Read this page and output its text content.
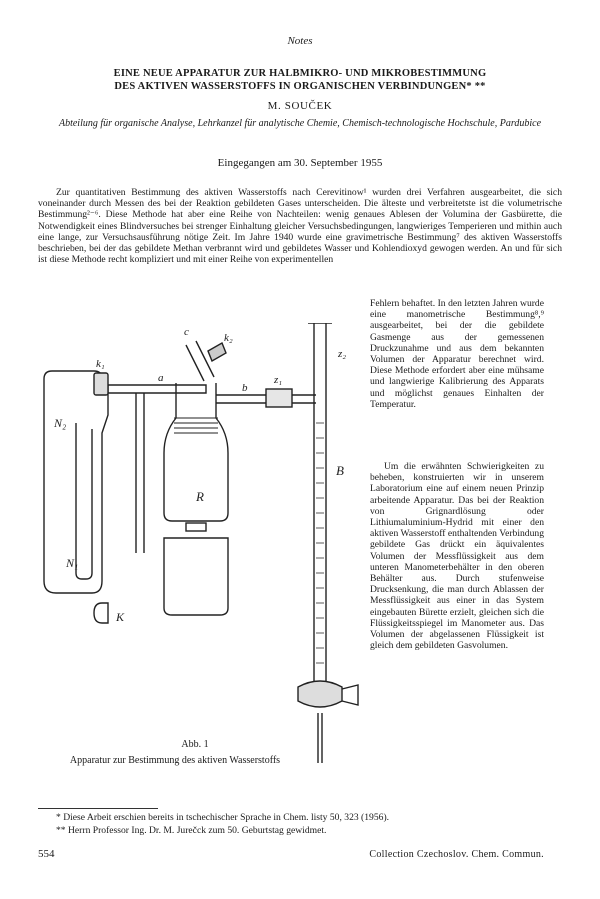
Notes
EINE NEUE APPARATUR ZUR HALBMIKRO- UND MIKROBESTIMMUNG
DES AKTIVEN WASSERSTOFFS IN ORGANISCHEN VERBINDUNGEN* **
M. SOUČEK
Abteilung für organische Analyse, Lehrkanzel für analytische Chemie, Chemisch-technologische Hochschule, Pardubice
Eingegangen am 30. September 1955
Zur quantitativen Bestimmung des aktiven Wasserstoffs nach Cerevitinow¹ wurden drei Verfahren ausgearbeitet, die sich voneinander durch Messen des bei der Reaktion gebildeten Gases unterscheiden. Die älteste und verbreitetste ist die volumetrische Bestimmung²⁻⁶. Diese Methode hat aber eine Reihe von Nachteilen: wenig genaues Ablesen der Volumina der Gasbürette, die Notwendigkeit eines Blindversuches bei strenger Einhaltung gleicher Versuchsbedingungen, langwieriges Temperieren und mithin auch eine lange, zur Versuchsausführung nötige Zeit. Im Jahre 1940 wurde eine gravimetrische Bestimmung⁷ des aktiven Wasserstoffs beschrieben, bei der das gebildete Methan verbrannt wird und gebildetes Wasser und Kohlendioxyd gewogen werden. An und für sich ist diese Methode recht kompliziert und mit einer Reihe von experimentellen
Fehlern behaftet. In den letzten Jahren wurde eine manometrische Bestimmung⁸,⁹ ausgearbeitet, bei der die gebildete Gasmenge aus der gemessenen Druckzunahme und aus dem bekannten Volumen der Apparatur berechnet wird. Diese Methode erfordert aber eine mühsame und langwierige Kalibrierung des Apparats und möglichst genaues Einhalten der Temperatur.
Um die erwähnten Schwierigkeiten zu beheben, konstruierten wir in unserem Laboratorium eine auf einem neuen Prinzip arbeitende Apparatur. Das bei der Reaktion von Grignardlösung oder Lithiumaluminium-Hydrid mit einer den aktiven Wasserstoff enthaltenden Verbindung gebildete Gas drückt ein äquivalentes Volumen der Messflüssigkeit aus dem unteren Manometerbehälter in den oberen Behälter aus. Durch stufenweise Drucksenkung, die man durch Ablassen der Messflüssigkeit aus einer in das System eingebauten Bürette erzielt, gleichen sich die Flüssigkeitsspiegel im Manometer aus. Das Volumen der abgelassenen Flüssigkeit ist gleich dem gebildeten Gasvolumen.
k₁
k₂
c
a
b
z₁
z₂
N₂
N₁
R
B
K
Abb. 1
Apparatur zur Bestimmung des aktiven Wasserstoffs
* Diese Arbeit erschien bereits in tschechischer Sprache in Chem. listy 50, 323 (1956).
** Herrn Professor Ing. Dr. M. Jurečck zum 50. Geburtstag gewidmet.
554	Collection Czechoslov. Chem. Commun.
